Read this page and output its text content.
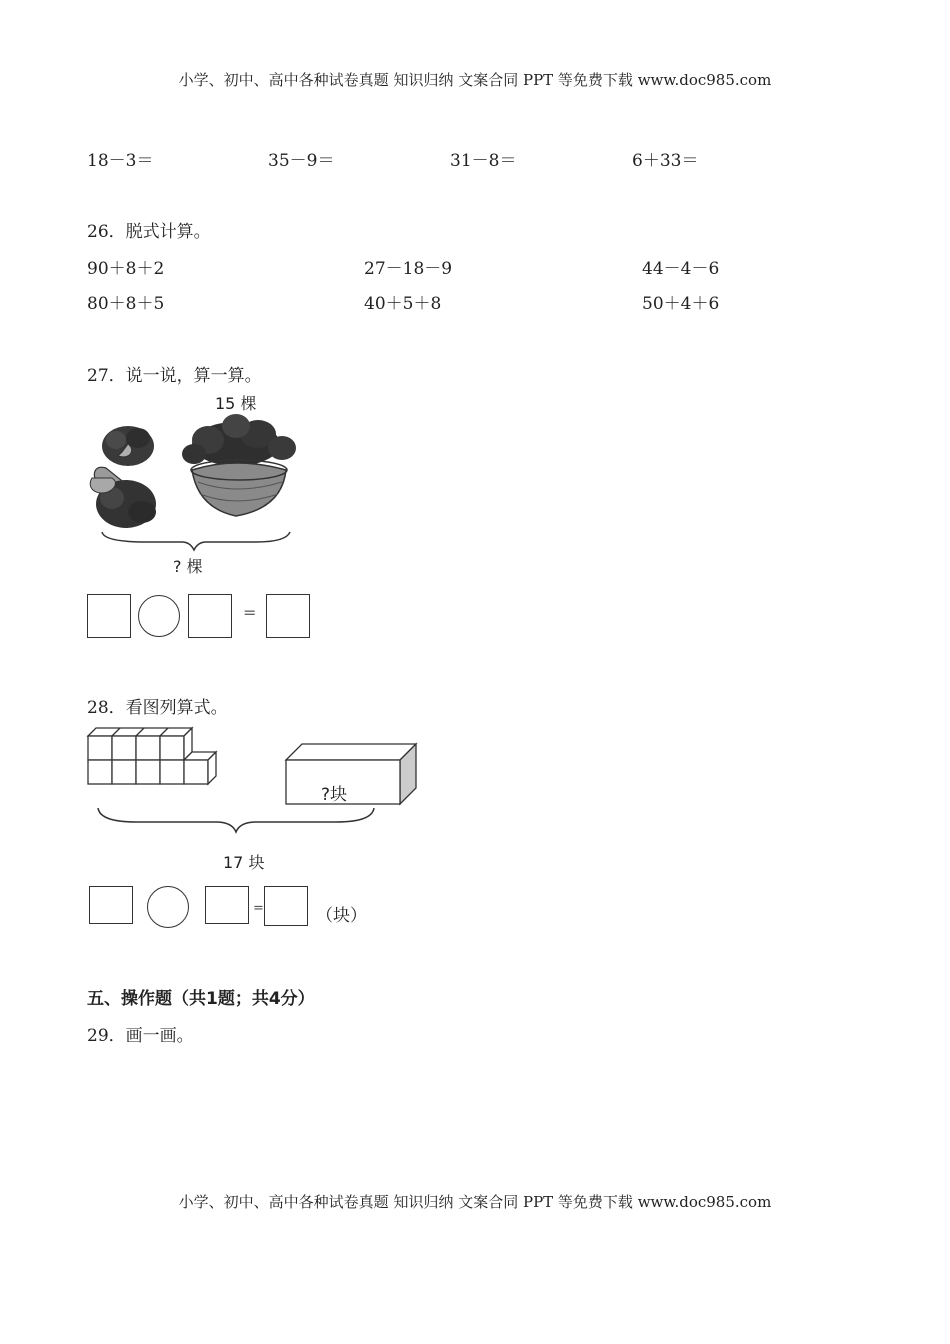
小学、初中、高中各种试卷真题 知识归纳 文案合同 PPT 等免费下载 www.doc985.com
小学、初中、高中各种试卷真题 知识归纳 文案合同 PPT 等免费下载 www.doc985.com
18－3＝	35－9＝	31－8＝	6＋33＝
26．脱式计算。
90＋8＋2	27－18－9	44－4－6
80＋8＋5	40＋5＋8	50＋4＋6
27．说一说，算一算。
15 棵
? 棵
=
28．看图列算式。
?块
17 块
=	（块）
五、操作题（共1题；共4分）
29．画一画。
